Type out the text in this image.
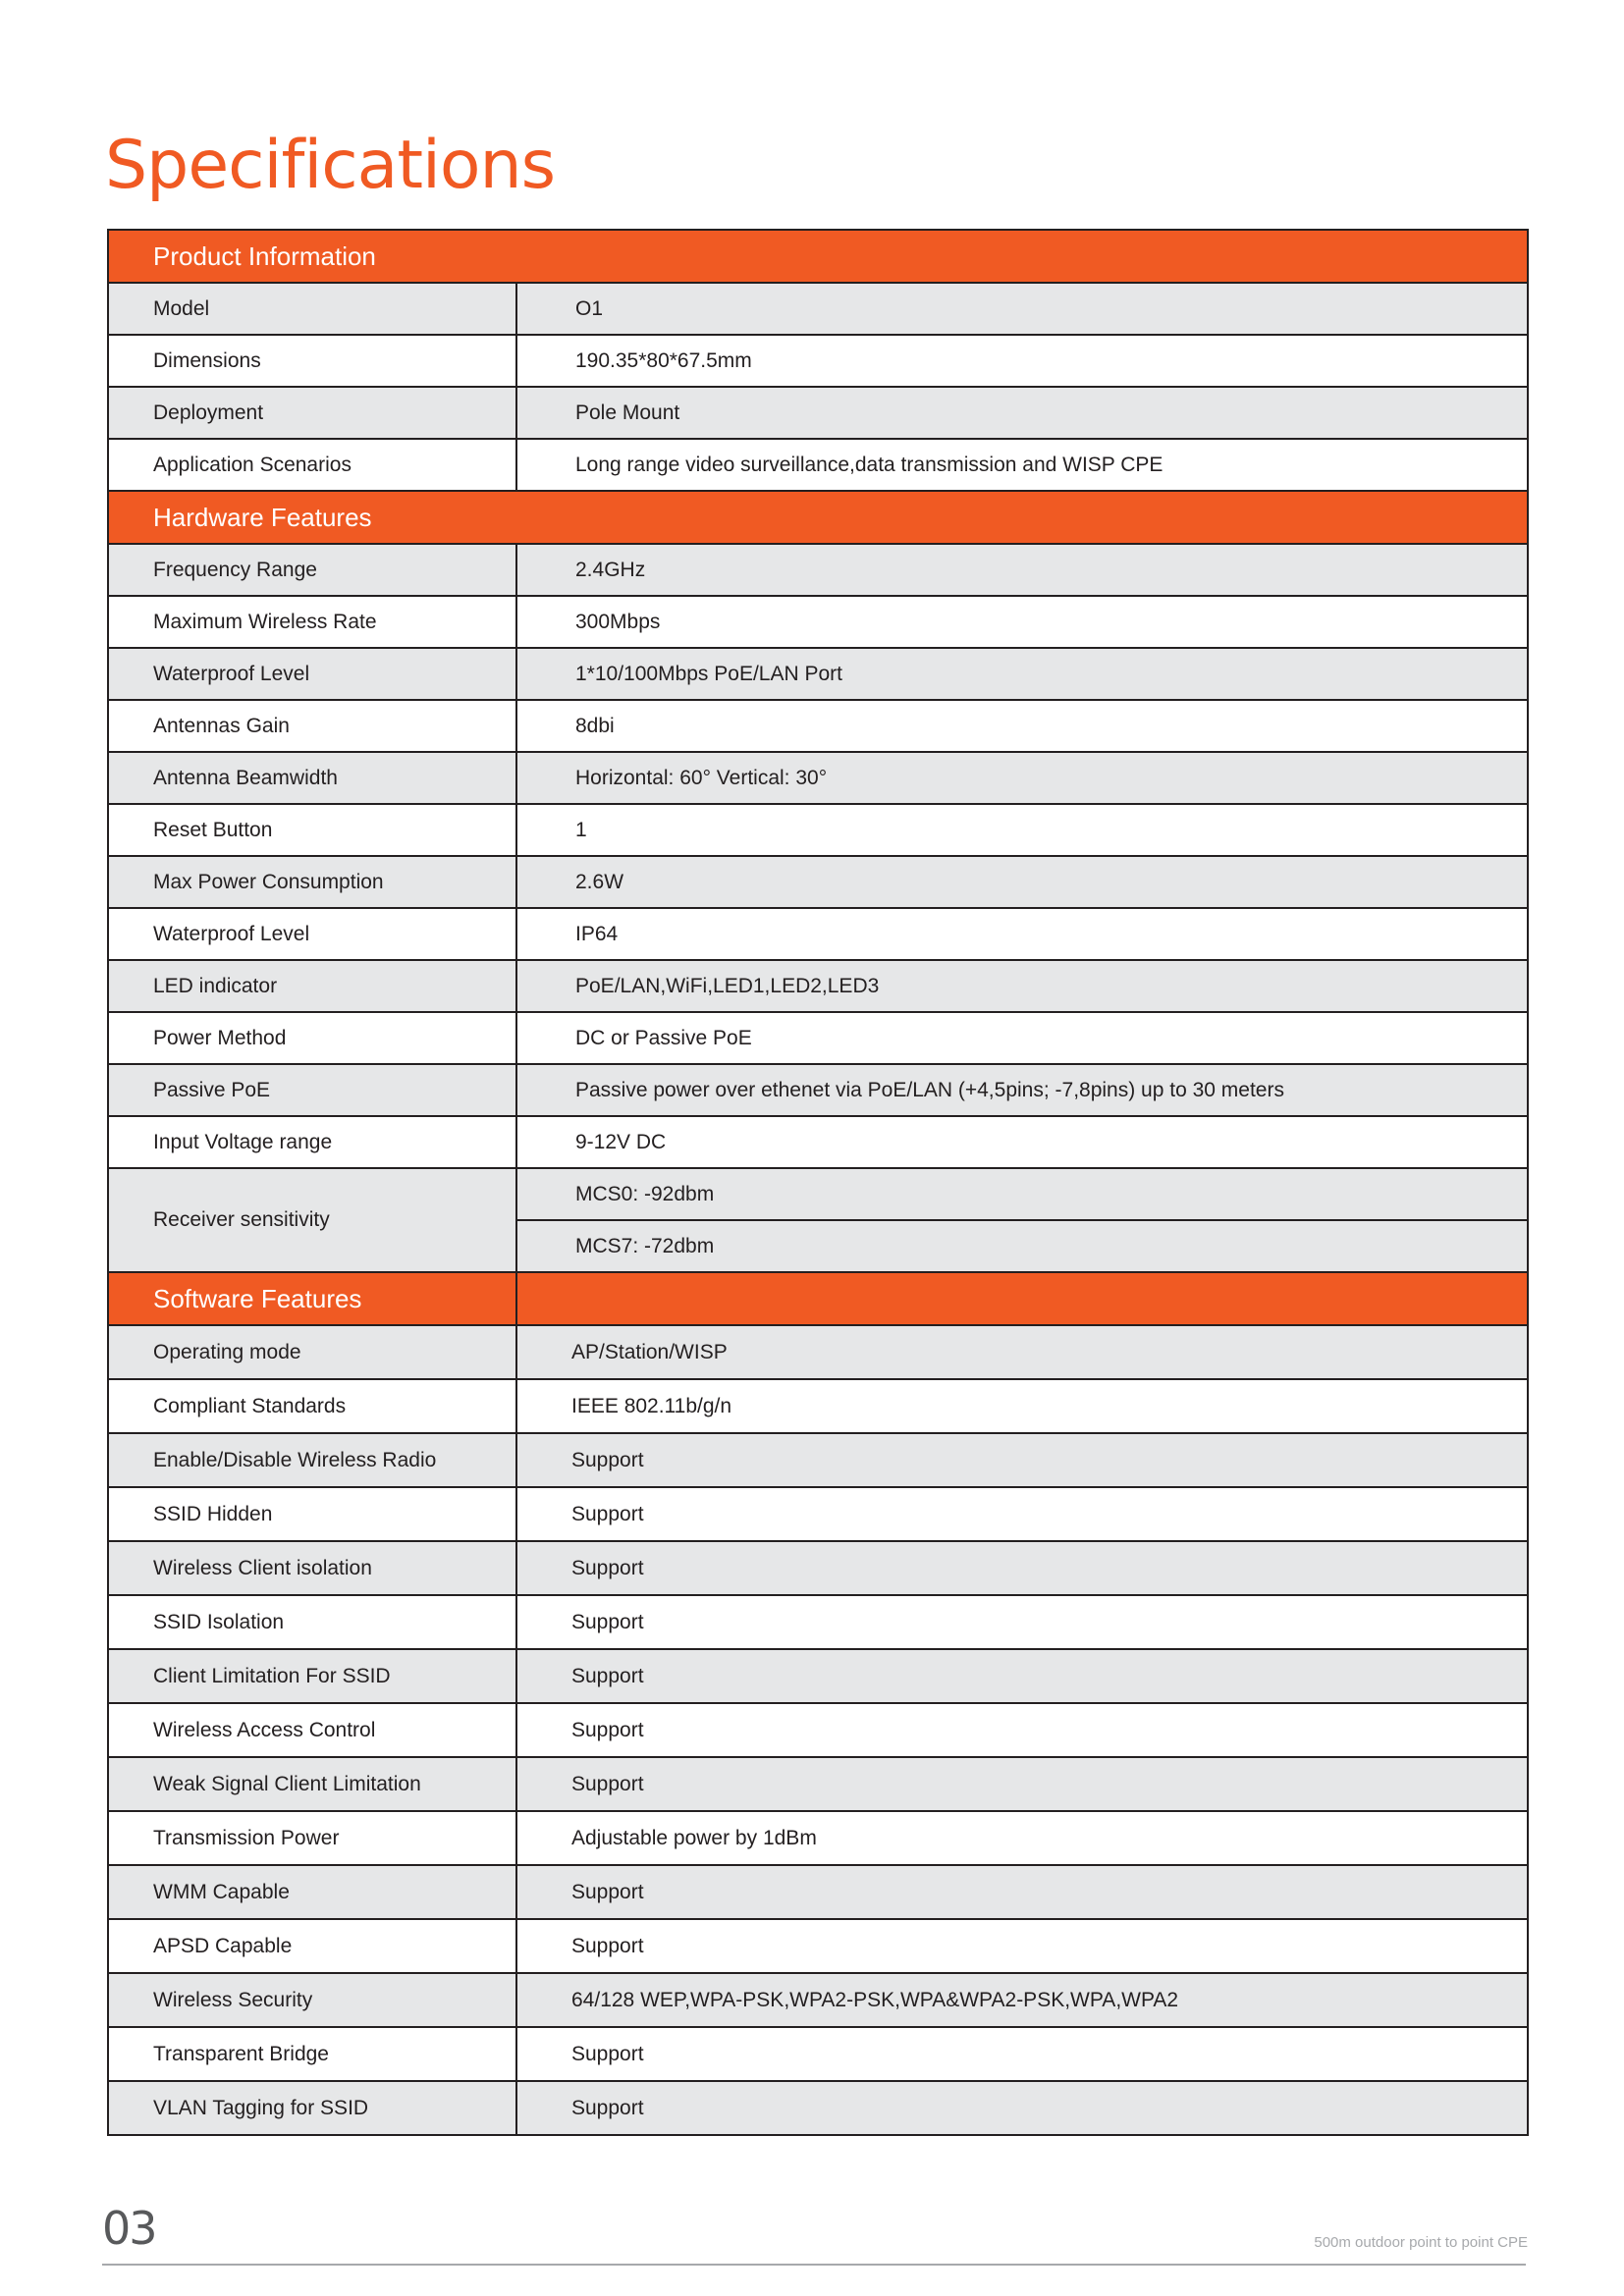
Specifications
Product Information	
Model	O1
Dimensions	190.35*80*67.5mm
Deployment	Pole Mount
Application Scenarios	Long range video surveillance,data transmission and WISP CPE
Hardware Features	
Frequency Range	2.4GHz
Maximum Wireless Rate	300Mbps
Waterproof Level	1*10/100Mbps PoE/LAN Port
Antennas Gain	8dbi
Antenna Beamwidth	Horizontal: 60° Vertical: 30°
Reset Button	1
Max Power Consumption	2.6W
Waterproof Level	IP64
LED indicator	PoE/LAN,WiFi,LED1,LED2,LED3
Power Method	DC or Passive PoE
Passive PoE	Passive power over ethenet via PoE/LAN (+4,5pins; -7,8pins) up to 30 meters
Input Voltage range	9-12V DC
Receiver sensitivity	MCS0: -92dbm
	MCS7: -72dbm
Software Features	
Operating mode	AP/Station/WISP
Compliant Standards	IEEE 802.11b/g/n
Enable/Disable Wireless Radio	Support
SSID Hidden	Support
Wireless Client isolation	Support
SSID Isolation	Support
Client Limitation For SSID	Support
Wireless Access Control	Support
Weak Signal Client Limitation	Support
Transmission Power	Adjustable power by 1dBm
WMM Capable	Support
APSD Capable	Support
Wireless Security	64/128 WEP,WPA-PSK,WPA2-PSK,WPA&WPA2-PSK,WPA,WPA2
Transparent Bridge	Support
VLAN Tagging for SSID	Support
03	500m outdoor point to point CPE
